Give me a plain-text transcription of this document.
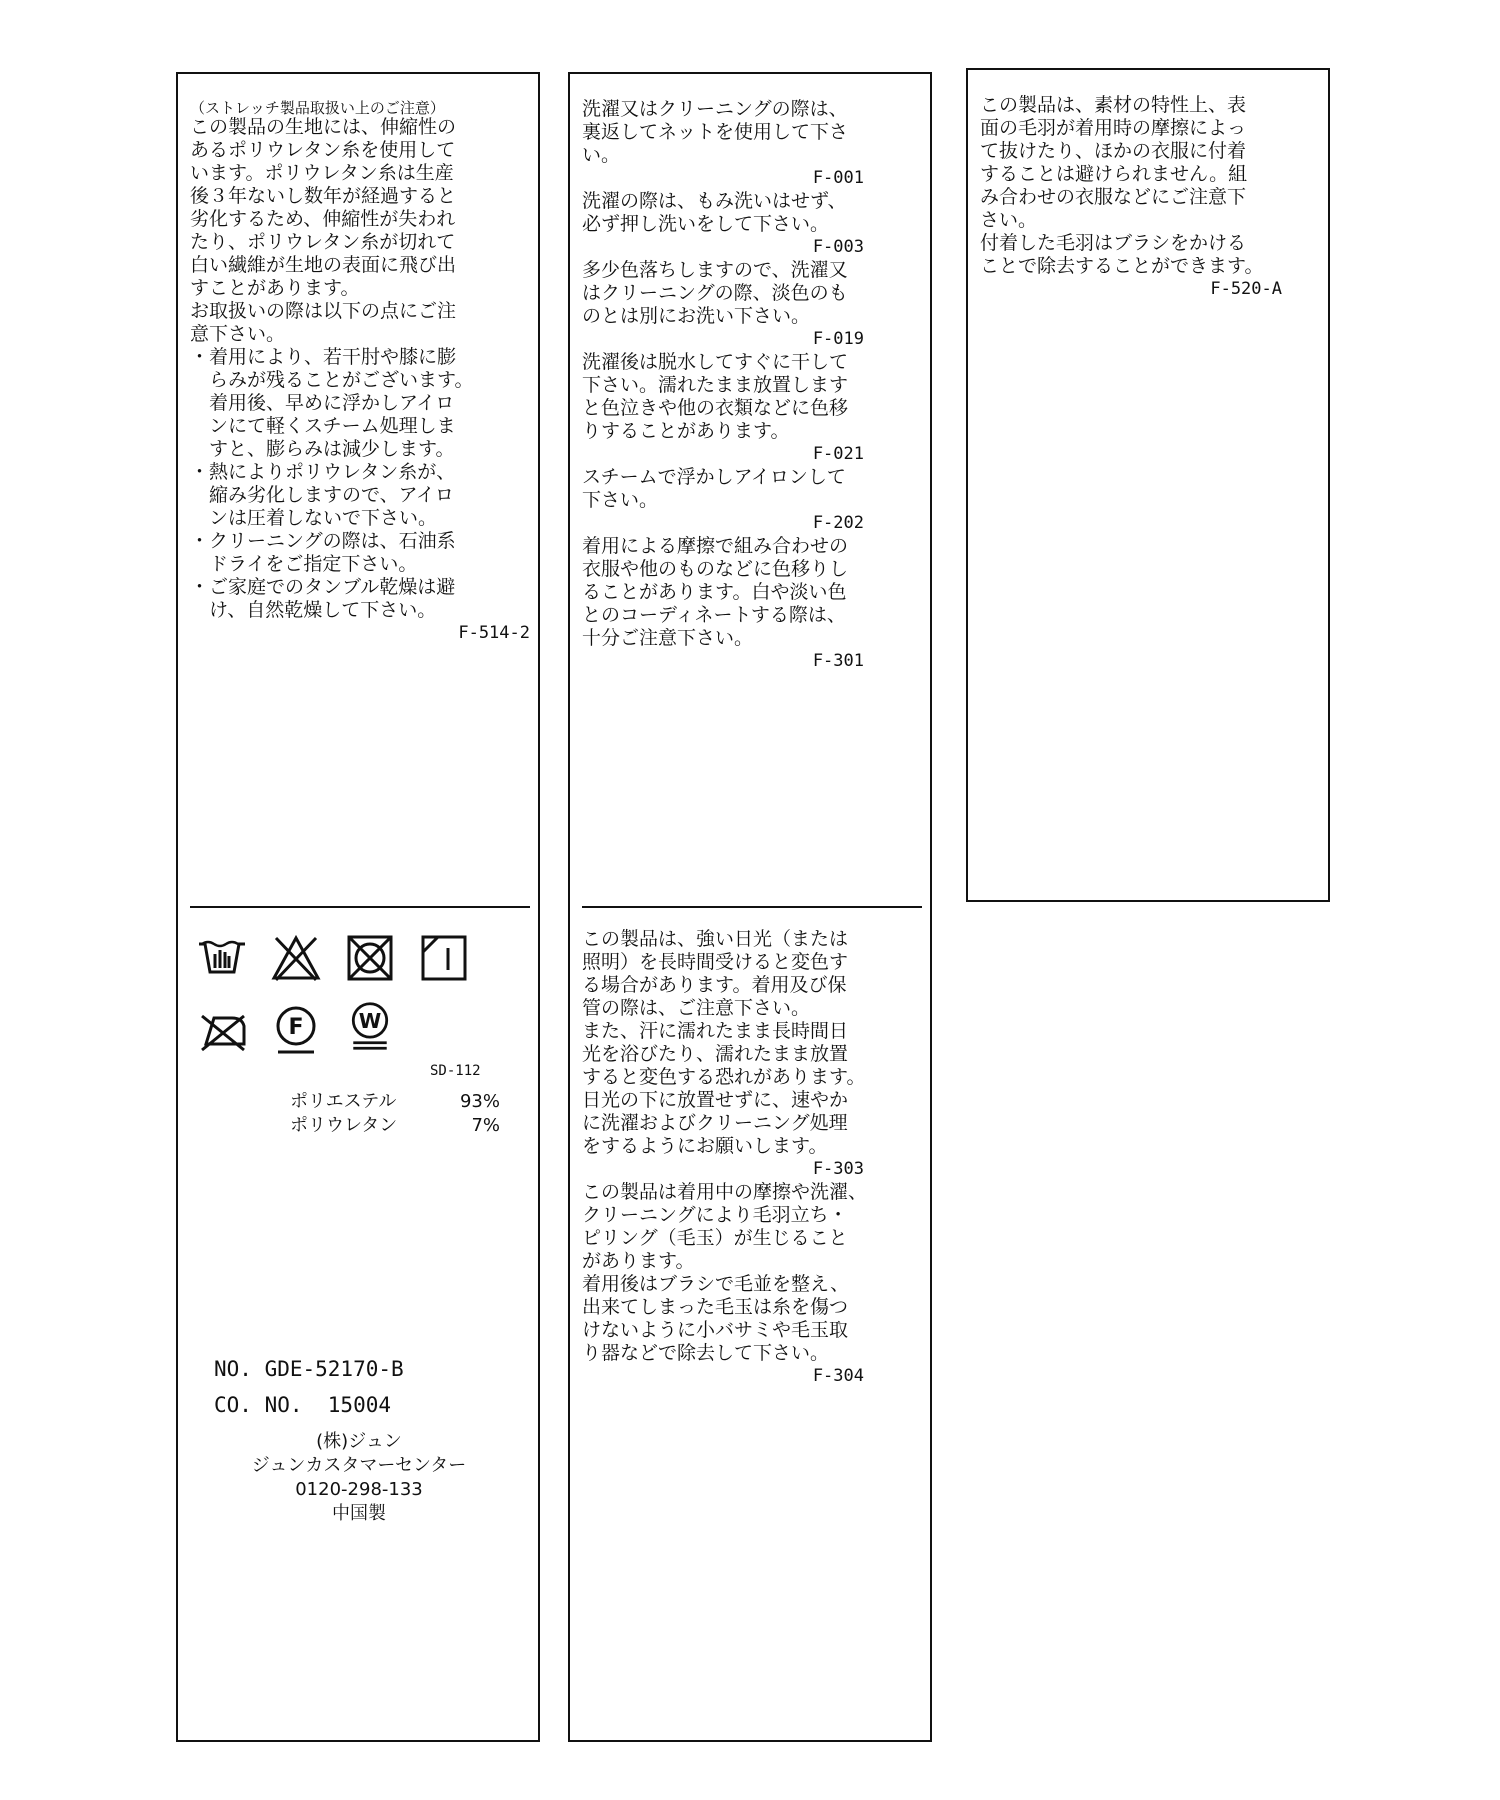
（ストレッチ製品取扱い上のご注意）
この製品の生地には、伸縮性の
あるポリウレタン糸を使用して
います。ポリウレタン糸は生産
後３年ないし数年が経過すると
劣化するため、伸縮性が失われ
たり、ポリウレタン糸が切れて
白い繊維が生地の表面に飛び出
すことがあります。
お取扱いの際は以下の点にご注
意下さい。
・着用により、若干肘や膝に膨
　らみが残ることがございます。
　着用後、早めに浮かしアイロ
　ンにて軽くスチーム処理しま
　すと、膨らみは減少します。
・熱によりポリウレタン糸が、
　縮み劣化しますので、アイロ
　ンは圧着しないで下さい。
・クリーニングの際は、石油系
　ドライをご指定下さい。
・ご家庭でのタンブル乾燥は避
　け、自然乾燥して下さい。
F-514-2
F	W
SD-112
ポリエステル	93%
ポリウレタン	7%
NO. GDE-52170-B
CO. NO.  15004
(株)ジュン
ジュンカスタマーセンター
0120-298-133
中国製
洗濯又はクリーニングの際は、
裏返してネットを使用して下さ
い。
F-001
洗濯の際は、もみ洗いはせず、
必ず押し洗いをして下さい。
F-003
多少色落ちしますので、洗濯又
はクリーニングの際、淡色のも
のとは別にお洗い下さい。
F-019
洗濯後は脱水してすぐに干して
下さい。濡れたまま放置します
と色泣きや他の衣類などに色移
りすることがあります。
F-021
スチームで浮かしアイロンして
下さい。
F-202
着用による摩擦で組み合わせの
衣服や他のものなどに色移りし
ることがあります。白や淡い色
とのコーディネートする際は、
十分ご注意下さい。
F-301
この製品は、強い日光（または
照明）を長時間受けると変色す
る場合があります。着用及び保
管の際は、ご注意下さい。
また、汗に濡れたまま長時間日
光を浴びたり、濡れたまま放置
すると変色する恐れがあります。
日光の下に放置せずに、速やか
に洗濯およびクリーニング処理
をするようにお願いします。
F-303
この製品は着用中の摩擦や洗濯、
クリーニングにより毛羽立ち・
ピリング（毛玉）が生じること
があります。
着用後はブラシで毛並を整え、
出来てしまった毛玉は糸を傷つ
けないように小バサミや毛玉取
り器などで除去して下さい。
F-304
この製品は、素材の特性上、表
面の毛羽が着用時の摩擦によっ
て抜けたり、ほかの衣服に付着
することは避けられません。組
み合わせの衣服などにご注意下
さい。
付着した毛羽はブラシをかける
ことで除去することができます。
F-520-A
